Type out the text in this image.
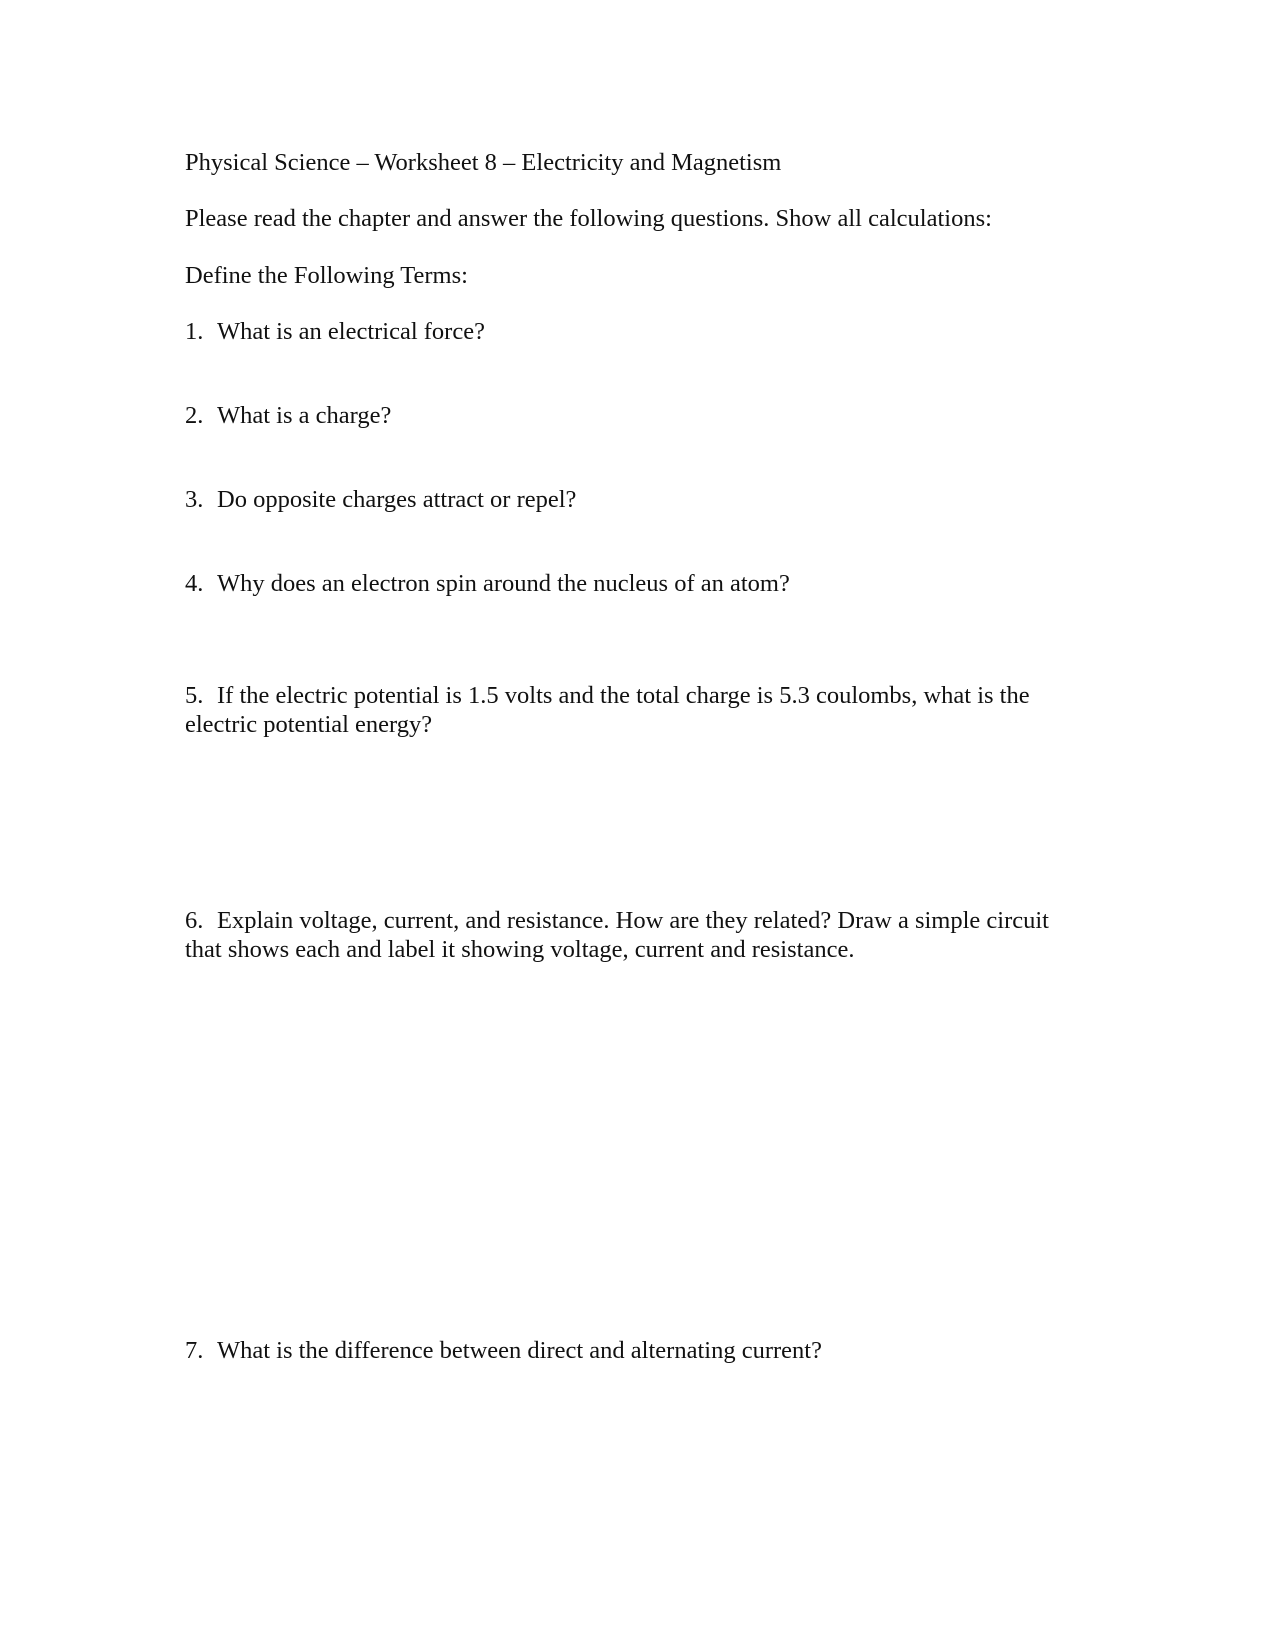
Physical Science – Worksheet 8 – Electricity and Magnetism

Please read the chapter and answer the following questions. Show all calculations:

Define the Following Terms:

1. What is an electrical force?

2. What is a charge?

3. Do opposite charges attract or repel?

4. Why does an electron spin around the nucleus of an atom?

5. If the electric potential is 1.5 volts and the total charge is 5.3 coulombs, what is the
electric potential energy?
6. Explain voltage, current, and resistance. How are they related? Draw a simple circuit
that shows each and label it showing voltage, current and resistance.

7. What is the difference between direct and alternating current?
